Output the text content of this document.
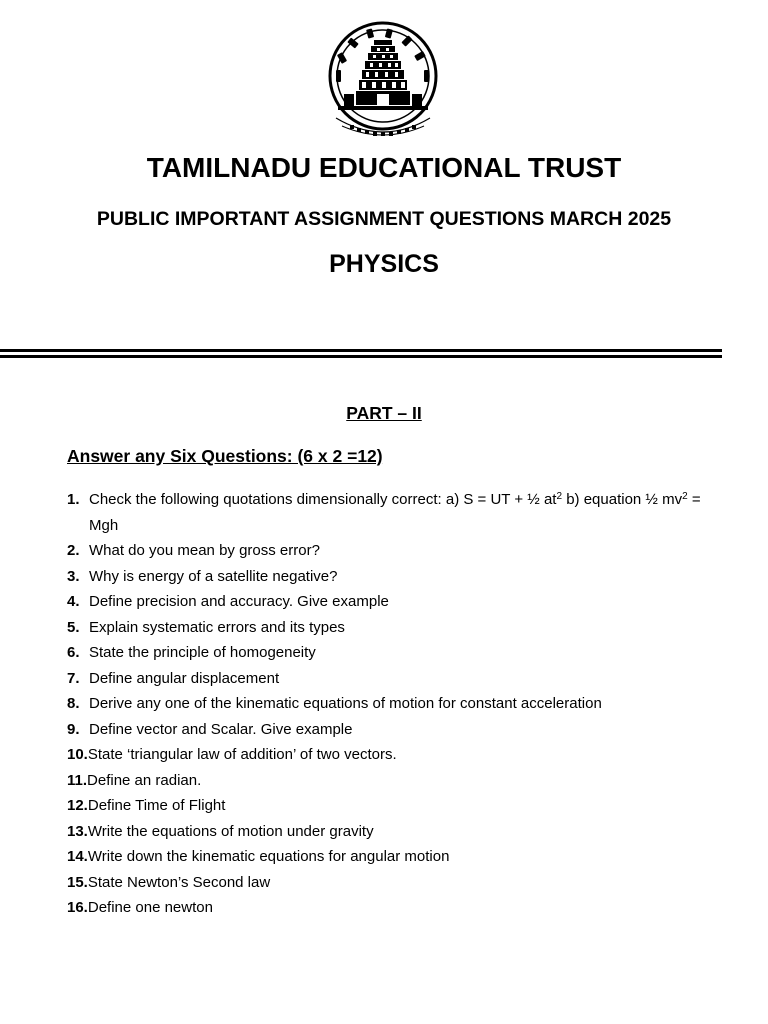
TAMILNADU EDUCATIONAL TRUST
PUBLIC IMPORTANT ASSIGNMENT QUESTIONS MARCH 2025
PHYSICS
PART – II
Answer any Six Questions: (6 x 2 =12)
1. Check the following quotations dimensionally correct: a) S = UT + ½ $at^2$ b) equation ½ $mv^2$ = Mgh
2. What do you mean by gross error?
3. Why is energy of a satellite negative?
4. Define precision and accuracy. Give example
5. Explain systematic errors and its types
6. State the principle of homogeneity
7. Define angular displacement
8. Derive any one of the kinematic equations of motion for constant acceleration
9. Define vector and Scalar. Give example
10.State ‘triangular law of addition’ of two vectors.
11.Define an radian.
12.Define Time of Flight
13.Write the equations of motion under gravity
14.Write down the kinematic equations for angular motion
15.State Newton’s Second law
16.Define one newton
